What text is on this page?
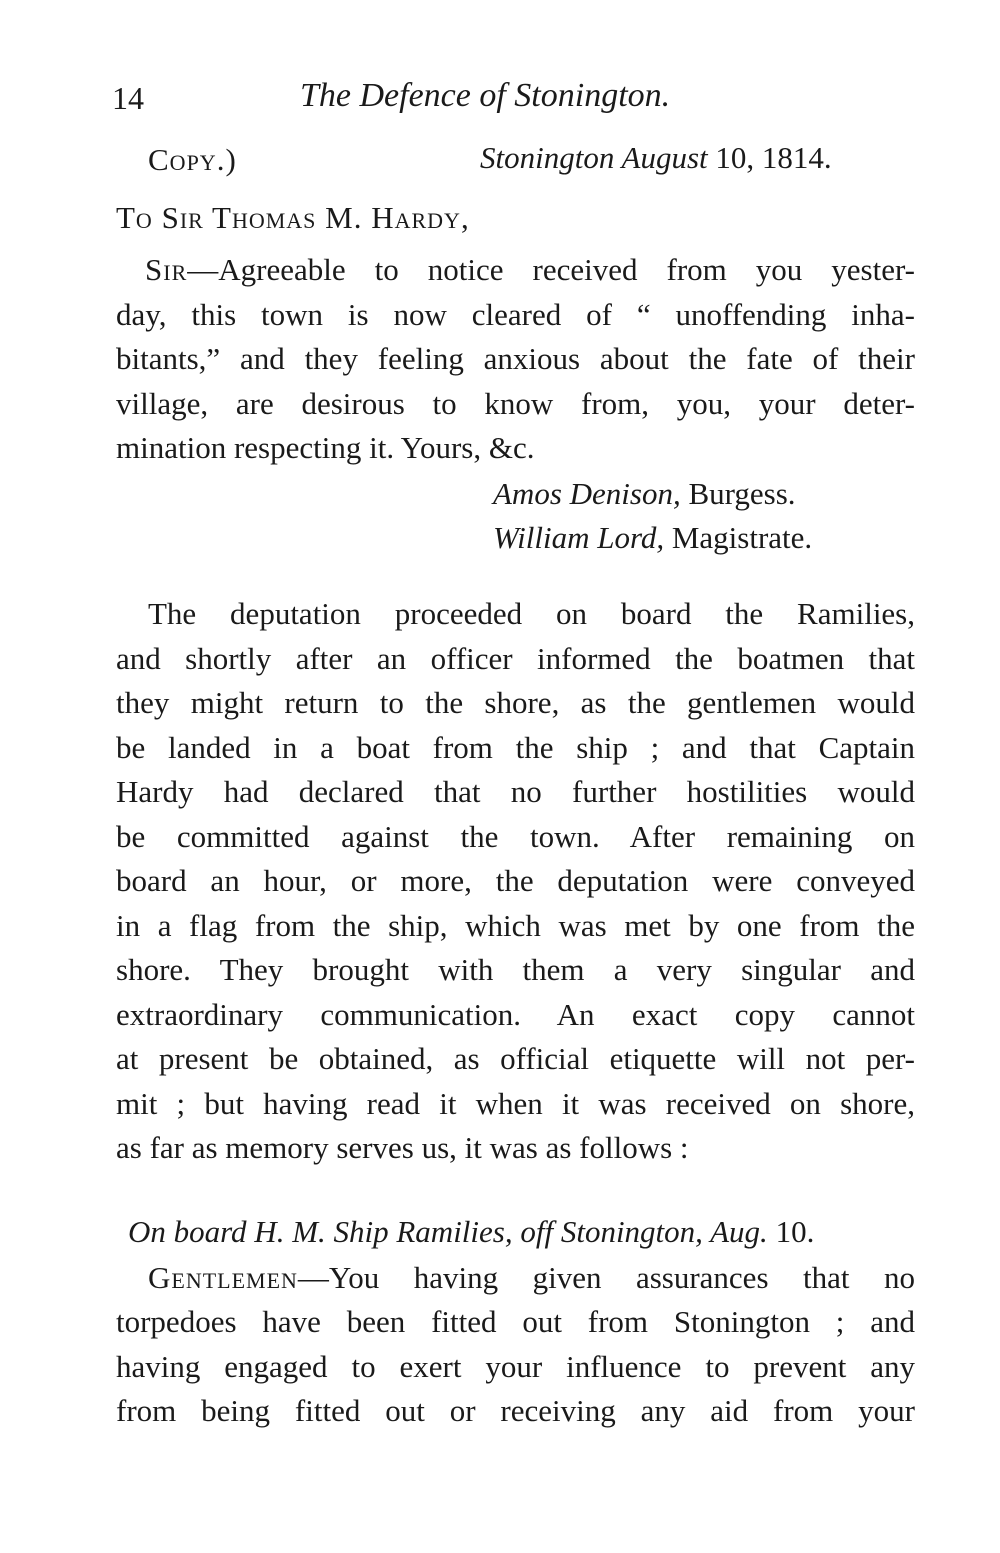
14	The Defence of Stonington.
Copy.)	Stonington August 10, 1814.
To Sir Thomas M. Hardy,
Sir—Agreeable to notice received from you yester-
day, this town is now cleared of “ unoffending inha-
bitants,” and they feeling anxious about the fate of their
village, are desirous to know from, you, your deter-
mination respecting it. Yours, &c.
Amos Denison, Burgess.
William Lord, Magistrate.
The deputation proceeded on board the Ramilies,
and shortly after an officer informed the boatmen that
they might return to the shore, as the gentlemen would
be landed in a boat from the ship ; and that Captain
Hardy had declared that no further hostilities would
be committed against the town. After remaining on
board an hour, or more, the deputation were conveyed
in a flag from the ship, which was met by one from the
shore. They brought with them a very singular and
extraordinary communication. An exact copy cannot
at present be obtained, as official etiquette will not per-
mit ; but having read it when it was received on shore,
as far as memory serves us, it was as follows :
On board H. M. Ship Ramilies, off Stonington, Aug. 10.
Gentlemen—You having given assurances that no
torpedoes have been fitted out from Stonington ; and
having engaged to exert your influence to prevent any
from being fitted out or receiving any aid from your
